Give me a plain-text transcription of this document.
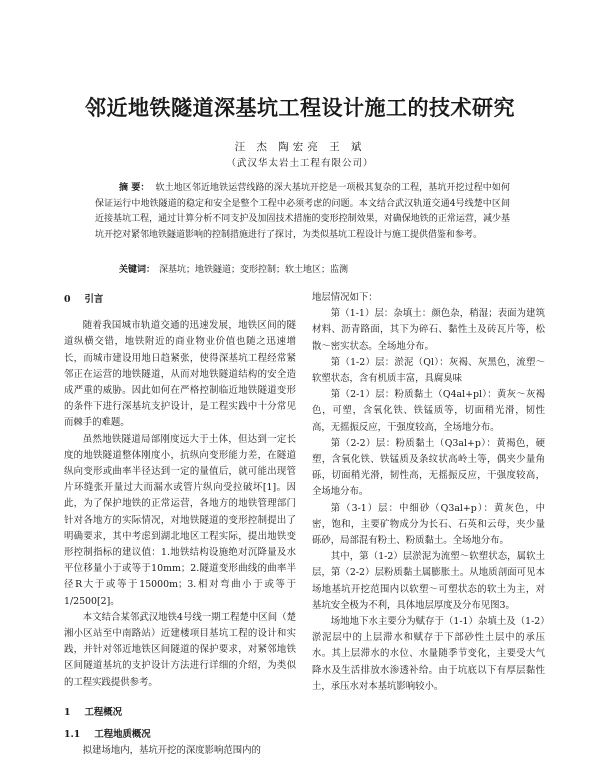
邻近地铁隧道深基坑工程设计施工的技术研究
汪 杰 陶宏亮 王 斌
（武汉华太岩土工程有限公司）
摘 要： 软土地区邻近地铁运营线路的深大基坑开挖是一项极其复杂的工程，基坑开挖过程中如何保证运行中地铁隧道的稳定和安全是整个工程中必须考虑的问题。本文结合武汉轨道交通4号线楚中区间近接基坑工程，通过计算分析不同支护及加固技术措施的变形控制效果，对确保地铁的正常运营，减少基坑开挖对紧邻地铁隧道影响的控制措施进行了探讨，为类似基坑工程设计与施工提供借鉴和参考。
关键词： 深基坑；地铁隧道；变形控制；软土地区；监测
0 引言

随着我国城市轨道交通的迅速发展，地铁区间的隧道纵横交错，地铁附近的商业物业价值也随之迅速增长，而城市建设用地日趋紧张，使得深基坑工程经常紧邻正在运营的地铁隧道，从而对地铁隧道结构的安全造成严重的威胁。因此如何在严格控制临近地铁隧道变形的条件下进行深基坑支护设计，是工程实践中十分常见而棘手的难题。

虽然地铁隧道局部刚度远大于土体，但达到一定长度的地铁隧道整体刚度小，抗纵向变形能力差，在隧道纵向变形或曲率半径达到一定的量值后，就可能出现管片环缝张开量过大而漏水或管片纵向受拉破坏[1]。因此，为了保护地铁的正常运营，各地方的地铁管理部门针对各地方的实际情况，对地铁隧道的变形控制提出了明确要求，其中考虑到湖北地区工程实际，提出地铁变形控制指标的建议值：1.地铁结构设施绝对沉降量及水平位移量小于或等于10mm；2.隧道变形曲线的曲率半径R大于或等于15000m；3.相对弯曲小于或等于1/2500[2]。

本文结合某邻武汉地铁4号线一期工程楚中区间（楚湘小区站至中南路站）近建楼项目基坑工程的设计和实践，并针对邻近地铁区间隧道的保护要求，对紧邻地铁区间隧道基坑的支护设计方法进行详细的介绍，为类似的工程实践提供参考。

1 工程概况
1.1 工程地质概况

拟建场地内，基坑开挖的深度影响范围内的

地层情况如下：

第（1-1）层：杂填土：颜色杂，稍湿；表面为建筑材料、沥青路面，其下为碎石、黏性土及砖瓦片等，松散～密实状态。全场地分布。

第（1-2）层：淤泥（Ql）：灰褐、灰黑色，流塑～软塑状态，含有机质丰富，具腐臭味

第（2-1）层：粉质黏土（Q4al+pl）：黄灰～灰褐色，可塑，含氧化铁、铁锰质等，切面稍光滑，韧性高，无摇振反应，干强度较高，全场地分布。

第（2-2）层：粉质黏土（Q3al+p）：黄褐色，硬塑，含氧化铁、铁锰质及条纹状高岭土等，偶夹少量角砾，切面稍光滑，韧性高，无摇振反应，干强度较高，全场地分布。

第（3-1）层：中细砂（Q3al+p）：黄灰色，中密，饱和，主要矿物成分为长石、石英和云母，夹少量砾砂，局部混有粉土、粉质黏土。全场地分布。

其中，第（1-2）层淤泥为流塑～软塑状态，属软土层，第（2-2）层粉质黏土属膨胀土。从地质剖面可见本场地基坑开挖范围内以软塑～可塑状态的软土为主，对基坑安全极为不利，具体地层厚度及分布见图3。

场地地下水主要分为赋存于（1-1）杂填土及（1-2）淤泥层中的上层滞水和赋存于下部砂性土层中的承压水。其上层滞水的水位、水量随季节变化，主要受大气降水及生活排放水渗透补给。由于坑底以下有厚层黏性土，承压水对本基坑影响较小。
